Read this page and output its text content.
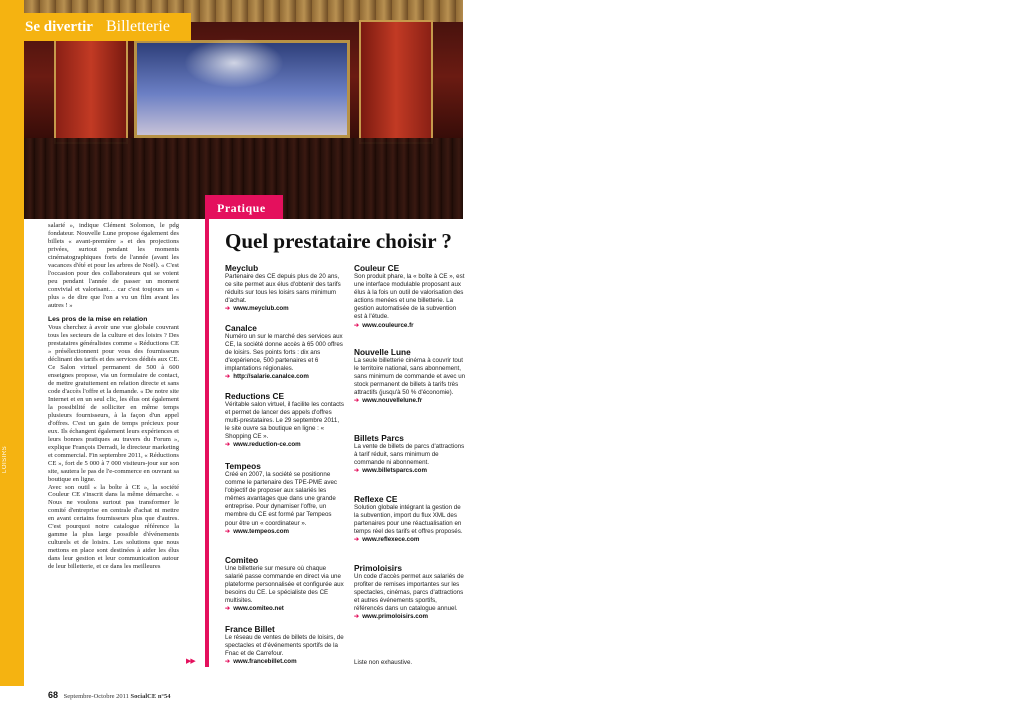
LOISIRS
Se divertir Billetterie

salarié », indique Clément Solomon, le pdg fondateur. Nouvelle Lune propose également des billets « avant-première » et des projections privées, surtout pendant les moments cinématographiques forts de l'année (avant les vacances d'été et pour les arbres de Noël). « C'est l'occasion pour des collaborateurs qui se voient peu pendant l'année de passer un moment convivial et valorisant… car c'est toujours un « plus » de dire que l'on a vu un film avant les autres ! »

Les pros de la mise en relation

Vous cherchez à avoir une vue globale couvrant tous les secteurs de la culture et des loisirs ? Des prestataires généralistes comme « Réductions CE » présélectionnent pour vous des fournisseurs déclinant des tarifs et des services dédiés aux CE. Ce Salon virtuel permanent de 500 à 600 enseignes propose, via un formulaire de contact, de mettre gratuitement en relation directe et sans code d'accès l'offre et la demande. « De notre site Internet et en un seul clic, les élus ont également la possibilité de solliciter en même temps plusieurs fournisseurs, à la façon d'un appel d'offres. C'est un gain de temps précieux pour eux. Ils échangent également leurs expériences et leurs bonnes pratiques au travers du Forum », explique François Derradi, le directeur marketing et commercial. Fin septembre 2011, « Réductions CE », fort de 5 000 à 7 000 visiteurs-jour sur son site, sautera le pas de l'e-commerce en ouvrant sa boutique en ligne.

Avec son outil « la boîte à CE », la société Couleur CE s'inscrit dans la même démarche. « Nous ne voulons surtout pas transformer le comité d'entreprise en centrale d'achat ni mettre en avant certains fournisseurs plus que d'autres. C'est pourquoi notre catalogue référence la gamme la plus large possible d'événements culturels et de loisirs. Les solutions que nous mettons en place sont destinées à aider les élus dans leur gestion et leur communication autour de leur billetterie, et ce dans les meilleures

▶▶
Pratique
Quel prestataire choisir ?
Meyclub
Partenaire des CE depuis plus de 20 ans, ce site permet aux élus d'obtenir des tarifs réduits sur tous les loisirs sans minimum d'achat.
➔ www.meyclub.com
Canalce
Numéro un sur le marché des services aux CE, la société donne accès à 65 000 offres de loisirs. Ses points forts : dix ans d'expérience, 500 partenaires et 6 implantations régionales.
➔ http://salarie.canalce.com
Reductions CE
Véritable salon virtuel, il facilite les contacts et permet de lancer des appels d'offres multi-prestataires. Le 29 septembre 2011, le site ouvre sa boutique en ligne : « Shopping CE ».
➔ www.reduction-ce.com
Tempeos
Créé en 2007, la société se positionne comme le partenaire des TPE-PME avec l'objectif de proposer aux salariés les mêmes avantages que dans une grande entreprise. Pour dynamiser l'offre, un membre du CE est formé par Tempeos pour être un « coordinateur ».
➔ www.tempeos.com
Comiteo
Une billetterie sur mesure où chaque salarié passe commande en direct via une plateforme personnalisée et configurée aux besoins du CE. Le spécialiste des CE multisites.
➔ www.comiteo.net
France Billet
Le réseau de ventes de billets de loisirs, de spectacles et d'événements sportifs de la Fnac et de Carrefour.
➔ www.francebillet.com
Couleur CE
Son produit phare, la « boîte à CE », est une interface modulable proposant aux élus à la fois un outil de valorisation des actions menées et une billetterie. La gestion automatisée de la subvention est à l'étude.
➔ www.couleurce.fr
Nouvelle Lune
La seule billetterie cinéma à couvrir tout le territoire national, sans abonnement, sans minimum de commande et avec un stock permanent de billets à tarifs très attractifs (jusqu'à 50 % d'économie).
➔ www.nouvellelune.fr
Billets Parcs
La vente de billets de parcs d'attractions à tarif réduit, sans minimum de commande ni abonnement.
➔ www.billetsparcs.com
Reflexe CE
Solution globale intégrant la gestion de la subvention, import du flux XML des partenaires pour une réactualisation en temps réel des tarifs et offres proposés.
➔ www.reflexece.com
Primoloisirs
Un code d'accès permet aux salariés de profiter de remises importantes sur les spectacles, cinémas, parcs d'attractions et autres événements sportifs, référencés dans un catalogue annuel.
➔ www.primoloisirs.com
Liste non exhaustive.
68 Septembre-Octobre 2011 SocialCE n°54
